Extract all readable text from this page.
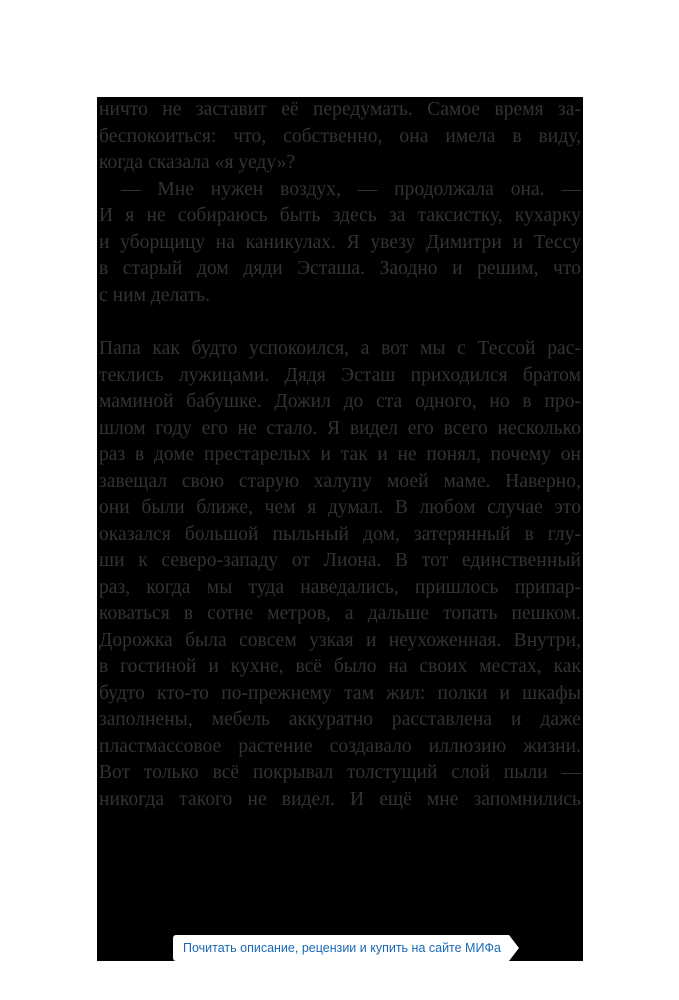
ничто не заставит её передумать. Самое время за-
беспокоиться: что, собственно, она имела в виду,
когда сказала «я уеду»?
— Мне нужен воздух, — продолжала она. —
И я не собираюсь быть здесь за таксистку, кухарку
и уборщицу на каникулах. Я увезу Димитри и Тессу
в старый дом дяди Эсташа. Заодно и решим, что
с ним делать.
Папа как будто успокоился, а вот мы с Тессой рас-
теклись лужицами. Дядя Эсташ приходился братом
маминой бабушке. Дожил до ста одного, но в про-
шлом году его не стало. Я видел его всего несколько
раз в доме престарелых и так и не понял, почему он
завещал свою старую халупу моей маме. Наверно,
они были ближе, чем я думал. В любом случае это
оказался большой пыльный дом, затерянный в глу-
ши к северо-западу от Лиона. В тот единственный
раз, когда мы туда наведались, пришлось припар-
коваться в сотне метров, а дальше топать пешком.
Дорожка была совсем узкая и неухоженная. Внутри,
в гостиной и кухне, всё было на своих местах, как
будто кто-то по-прежнему там жил: полки и шкафы
заполнены, мебель аккуратно расставлена и даже
пластмассовое растение создавало иллюзию жизни.
Вот только всё покрывал толстущий слой пыли —
никогда такого не видел. И ещё мне запомнились
Почитать описание, рецензии и купить на сайте МИФа
